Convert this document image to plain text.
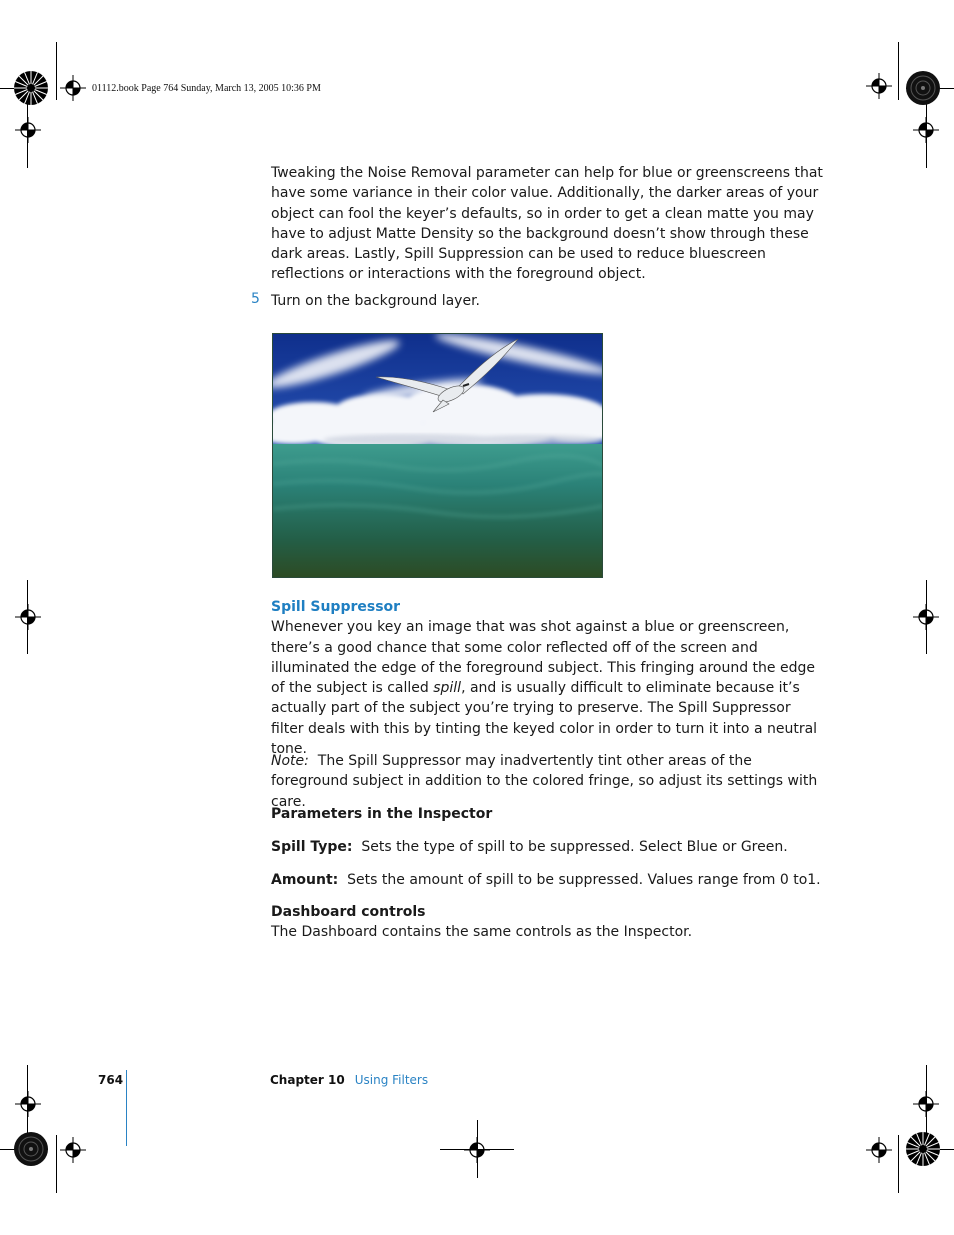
01112.book Page 764 Sunday, March 13, 2005 10:36 PM
Tweaking the Noise Removal parameter can help for blue or greenscreens that have some variance in their color value. Additionally, the darker areas of your object can fool the keyer’s defaults, so in order to get a clean matte you may have to adjust Matte Density so the background doesn’t show through these dark areas. Lastly, Spill Suppression can be used to reduce bluescreen reflections or interactions with the foreground object.
5 Turn on the background layer.
Spill Suppressor
Whenever you key an image that was shot against a blue or greenscreen, there’s a good chance that some color reflected off of the screen and illuminated the edge of the foreground subject. This fringing around the edge of the subject is called spill, and is usually difficult to eliminate because it’s actually part of the subject you’re trying to preserve. The Spill Suppressor filter deals with this by tinting the keyed color in order to turn it into a neutral tone.
Note: The Spill Suppressor may inadvertently tint other areas of the foreground subject in addition to the colored fringe, so adjust its settings with care.
Parameters in the Inspector
Spill Type: Sets the type of spill to be suppressed. Select Blue or Green.
Amount: Sets the amount of spill to be suppressed. Values range from 0 to1.
Dashboard controls
The Dashboard contains the same controls as the Inspector.
764	Chapter 10 Using Filters
